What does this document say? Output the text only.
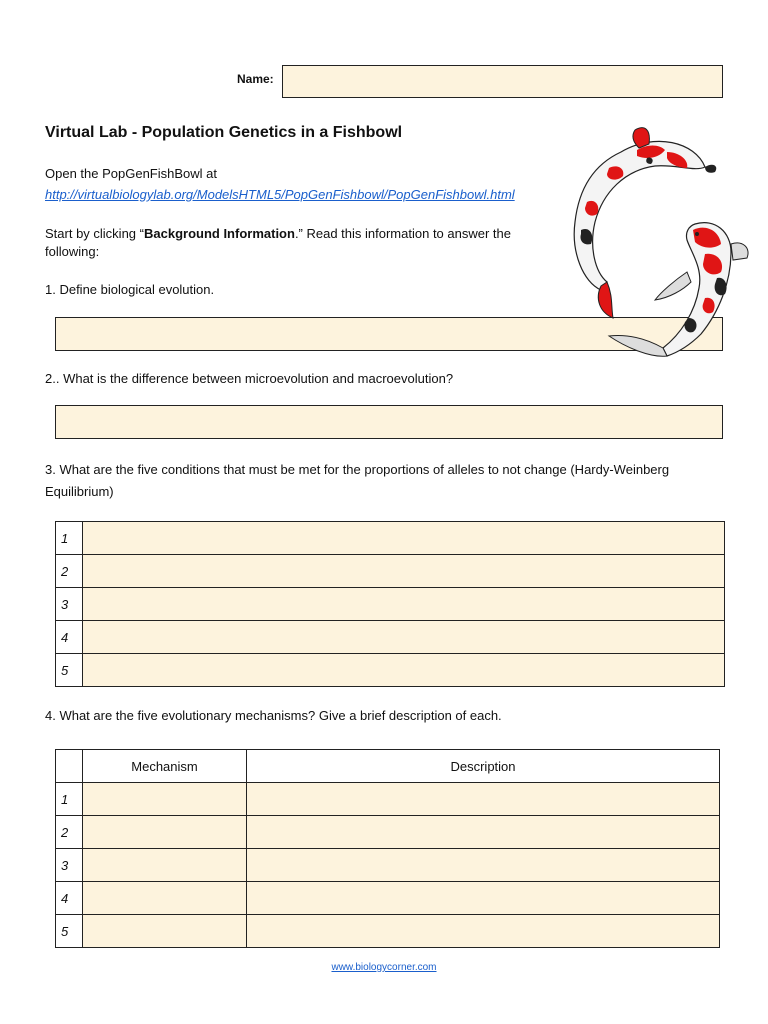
Name:
Virtual Lab - Population Genetics in a Fishbowl
Open the PopGenFishBowl at
http://virtualbiologylab.org/ModelsHTML5/PopGenFishbowl/PopGenFishbowl.html
Start by clicking “Background Information.” Read this information to answer the following:
1. Define biological evolution.
2.. What is the difference between microevolution and macroevolution?
3. What are the five conditions that must be met for the proportions of alleles to not change (Hardy-Weinberg Equilibrium)
1	
2	
3	
4	
5	
4. What are the five evolutionary mechanisms? Give a brief description of each.
	Mechanism	Description
1		
2		
3		
4		
5		
www.biologycorner.com
